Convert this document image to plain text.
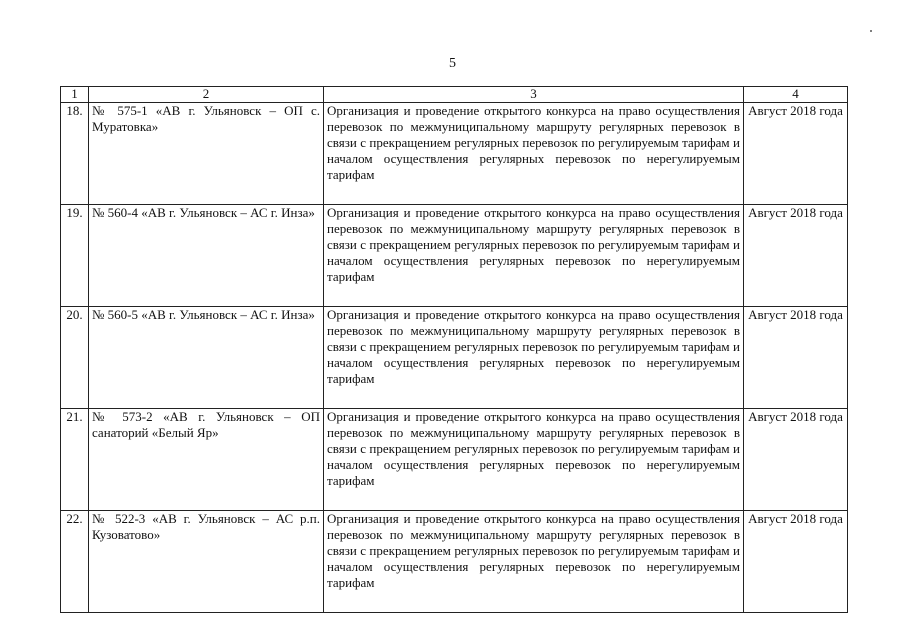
5
1	2	3	4
18.	№ 575-1 «АВ г. Ульяновск – ОП с. Муратовка»	Организация и проведение открытого конкурса на право осуществления перевозок по межмуниципальному маршруту регулярных перевозок в связи с прекращением регулярных перевозок по регулируемым тарифам и началом осуществления регулярных перевозок по нерегулируемым тарифам	Август 2018 года
19.	№ 560-4 «АВ г. Ульяновск – АС г. Инза»	Организация и проведение открытого конкурса на право осуществления перевозок по межмуниципальному маршруту регулярных перевозок в связи с прекращением регулярных перевозок по регулируемым тарифам и началом осуществления регулярных перевозок по нерегулируемым тарифам	Август 2018 года
20.	№ 560-5 «АВ г. Ульяновск – АС г. Инза»	Организация и проведение открытого конкурса на право осуществления перевозок по межмуниципальному маршруту регулярных перевозок в связи с прекращением регулярных перевозок по регулируемым тарифам и началом осуществления регулярных перевозок по нерегулируемым тарифам	Август 2018 года
21.	№ 573-2 «АВ г. Ульяновск – ОП санаторий «Белый Яр»	Организация и проведение открытого конкурса на право осуществления перевозок по межмуниципальному маршруту регулярных перевозок в связи с прекращением регулярных перевозок по регулируемым тарифам и началом осуществления регулярных перевозок по нерегулируемым тарифам	Август 2018 года
22.	№ 522-3 «АВ г. Ульяновск – АС р.п. Кузоватово»	Организация и проведение открытого конкурса на право осуществления перевозок по межмуниципальному маршруту регулярных перевозок в связи с прекращением регулярных перевозок по регулируемым тарифам и началом осуществления регулярных перевозок по нерегулируемым тарифам	Август 2018 года
